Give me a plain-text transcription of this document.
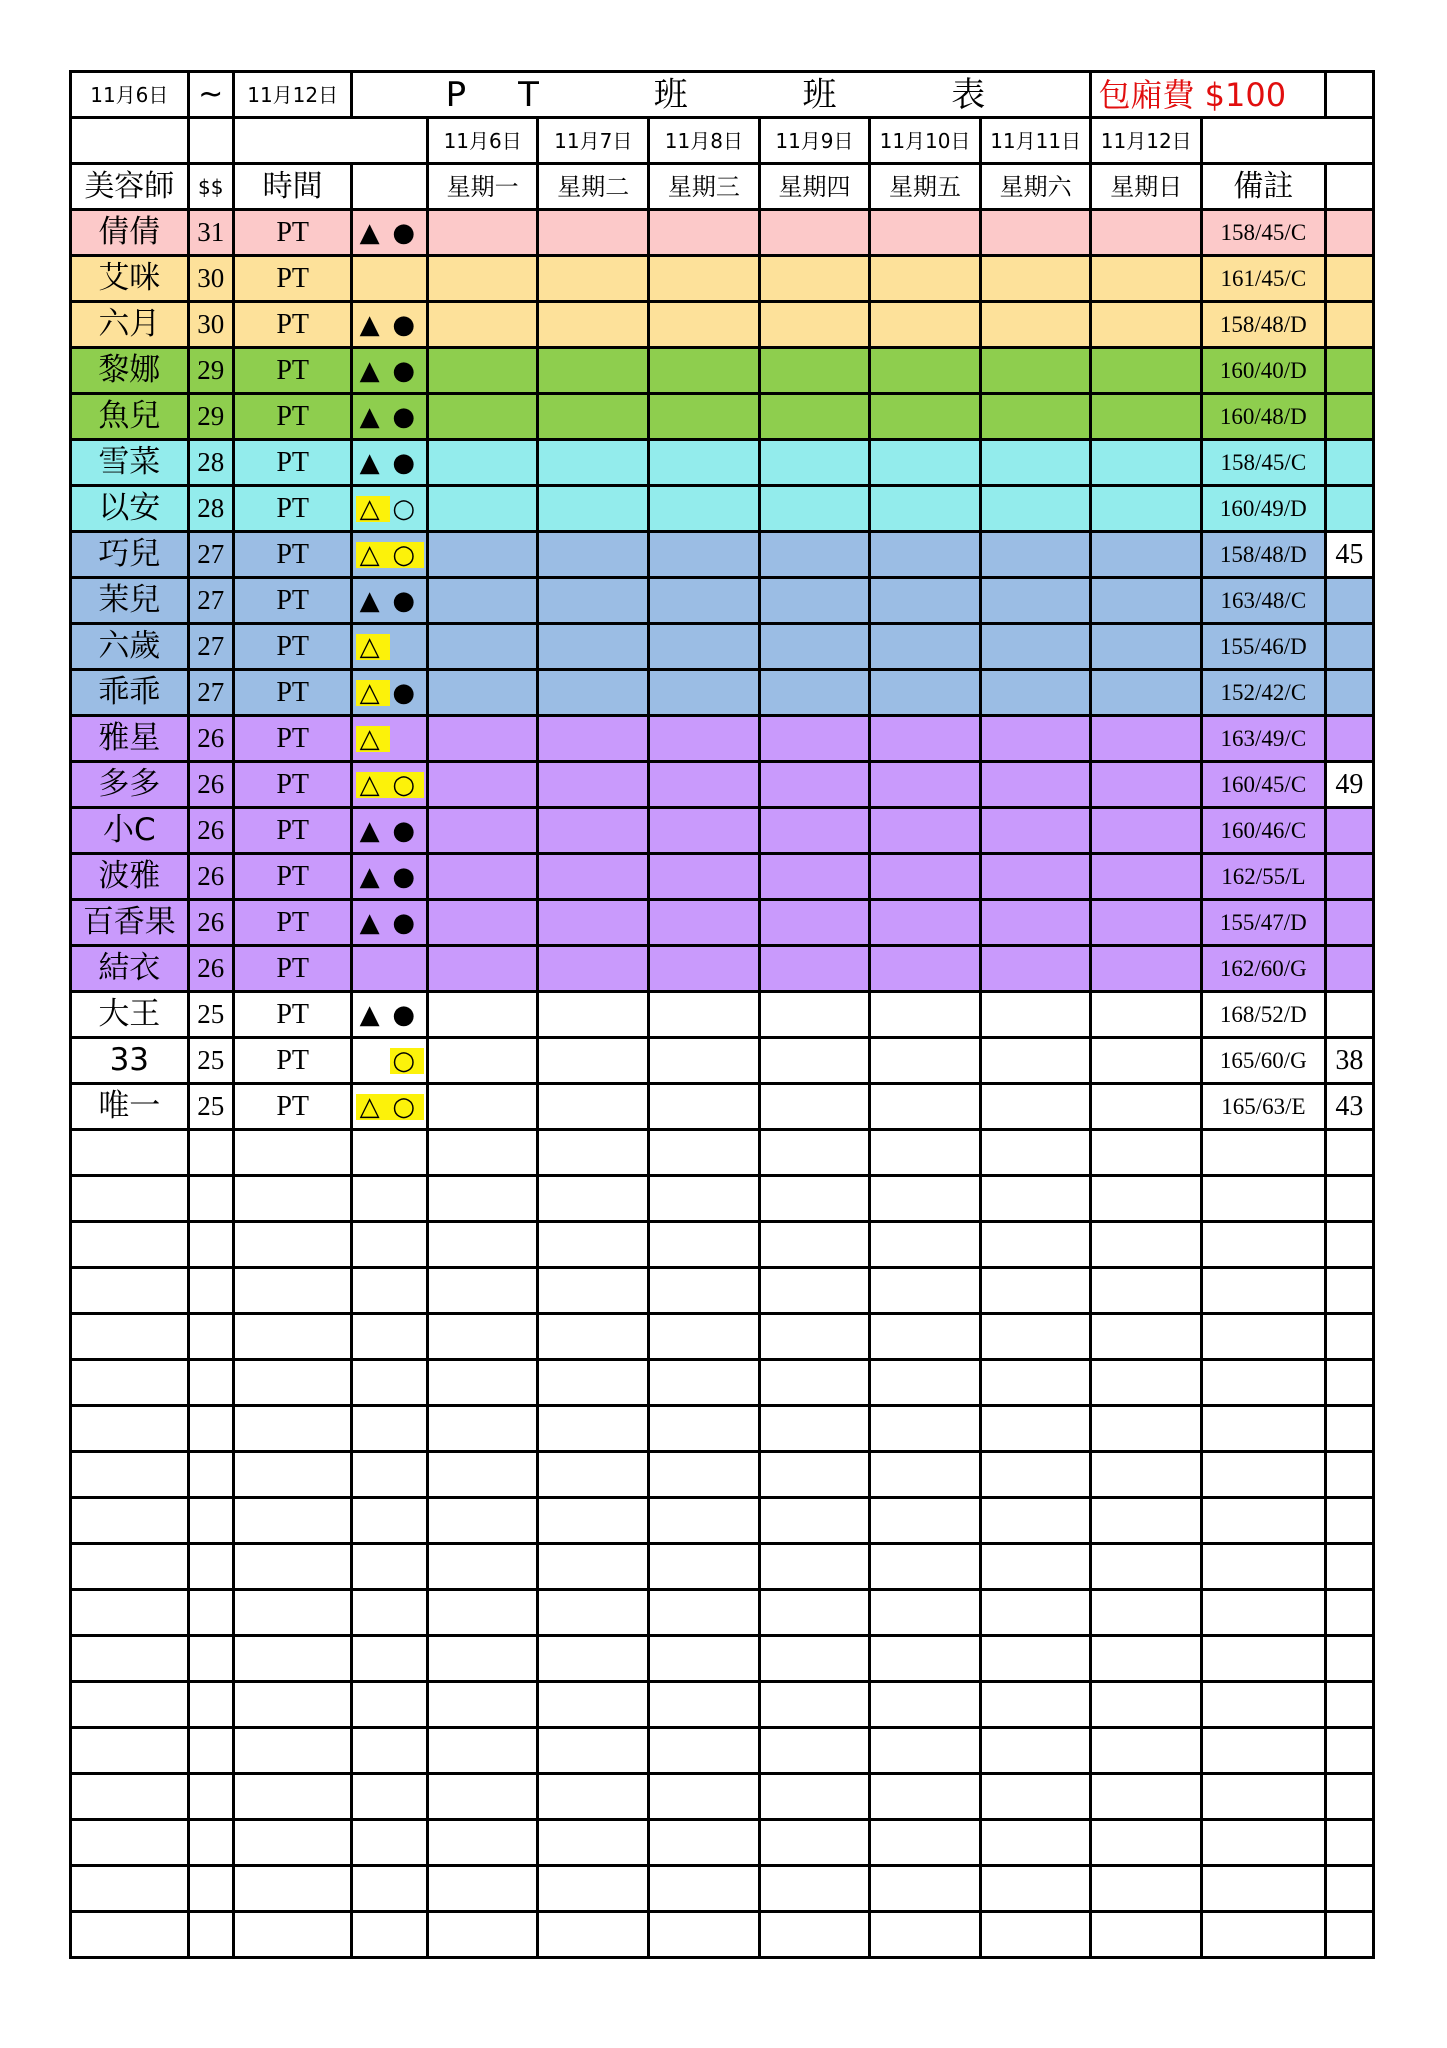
11月6日	~	11月12日	PT 班 班 表							包廂費 $100		
				11月6日	11月7日	11月8日	11月9日	11月10日	11月11日	11月12日		
美容師	$$	時間		星期一	星期二	星期三	星期四	星期五	星期六	星期日	備註	
倩倩	31	PT	▲ ●								158/45/C	
艾咪	30	PT									161/45/C	
六月	30	PT	▲ ●								158/48/D	
黎娜	29	PT	▲ ●								160/40/D	
魚兒	29	PT	▲ ●								160/48/D	
雪菜	28	PT	▲ ●								158/45/C	
以安	28	PT	△ ○								160/49/D	
巧兒	27	PT	△ ○								158/48/D	45
茉兒	27	PT	▲ ●								163/48/C	
六歲	27	PT	△								155/46/D	
乖乖	27	PT	△ ●								152/42/C	
雅星	26	PT	△								163/49/C	
多多	26	PT	△ ○								160/45/C	49
小C	26	PT	▲ ●								160/46/C	
波雅	26	PT	▲ ●								162/55/L	
百香果	26	PT	▲ ●								155/47/D	
結衣	26	PT									162/60/G	
大王	25	PT	▲ ●								168/52/D	
33	25	PT	○								165/60/G	38
唯一	25	PT	△ ○								165/63/E	43
